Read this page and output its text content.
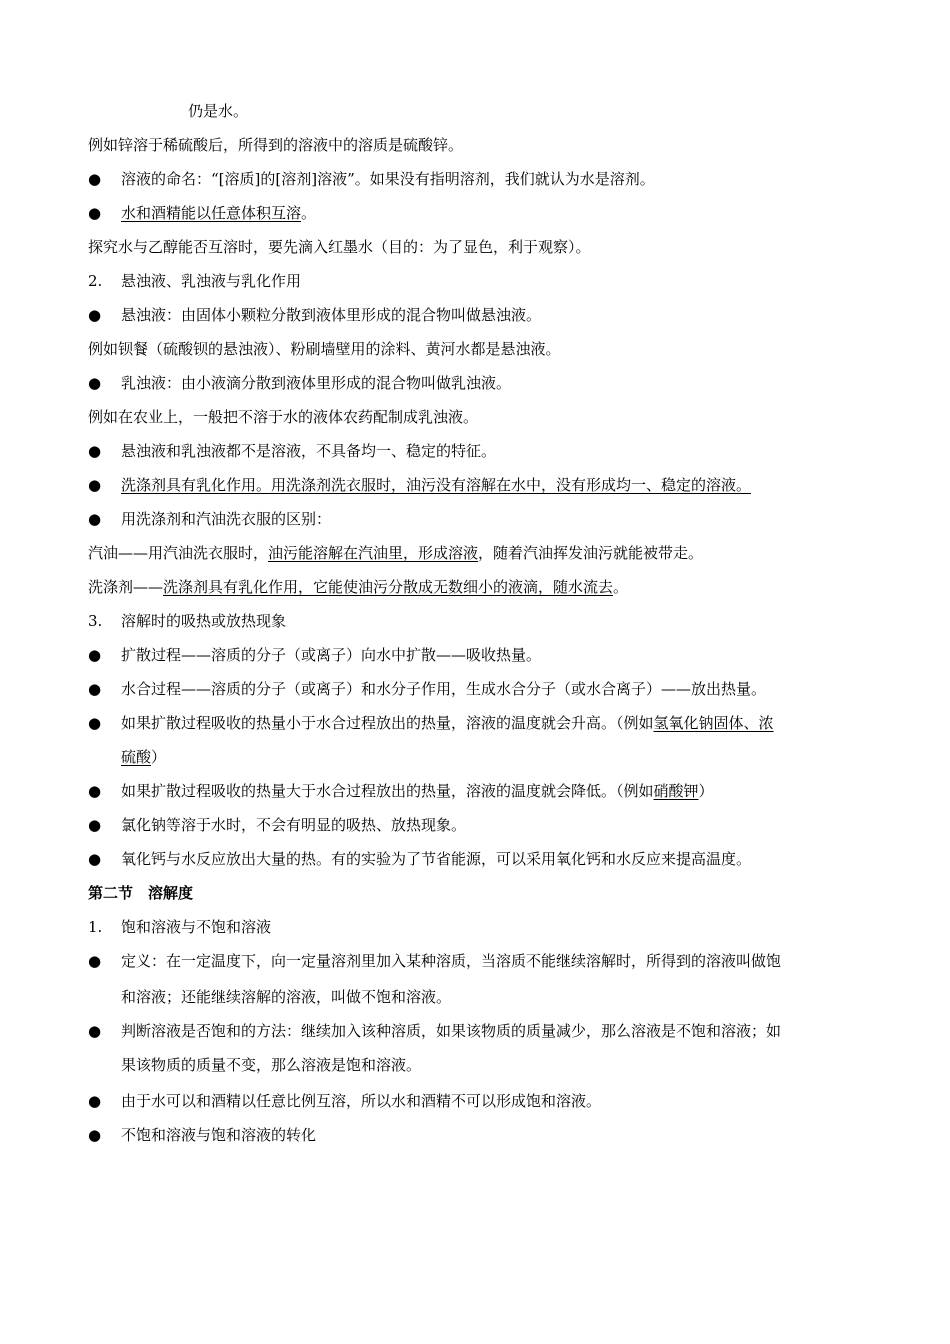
仍是水。
例如锌溶于稀硫酸后，所得到的溶液中的溶质是硫酸锌。
● 溶液的命名：“[溶质]的[溶剂]溶液”。如果没有指明溶剂，我们就认为水是溶剂。
● 水和酒精能以任意体积互溶。
探究水与乙醇能否互溶时，要先滴入红墨水（目的：为了显色，利于观察）。
2. 悬浊液、乳浊液与乳化作用
● 悬浊液：由固体小颗粒分散到液体里形成的混合物叫做悬浊液。
例如钡餐（硫酸钡的悬浊液）、粉刷墙壁用的涂料、黄河水都是悬浊液。
● 乳浊液：由小液滴分散到液体里形成的混合物叫做乳浊液。
例如在农业上，一般把不溶于水的液体农药配制成乳浊液。
● 悬浊液和乳浊液都不是溶液，不具备均一、稳定的特征。
● 洗涤剂具有乳化作用。用洗涤剂洗衣服时，油污没有溶解在水中，没有形成均一、稳定的溶液。
● 用洗涤剂和汽油洗衣服的区别：
汽油——用汽油洗衣服时，油污能溶解在汽油里，形成溶液，随着汽油挥发油污就能被带走。
洗涤剂——洗涤剂具有乳化作用，它能使油污分散成无数细小的液滴，随水流去。
3. 溶解时的吸热或放热现象
● 扩散过程——溶质的分子（或离子）向水中扩散——吸收热量。
● 水合过程——溶质的分子（或离子）和水分子作用，生成水合分子（或水合离子）——放出热量。
● 如果扩散过程吸收的热量小于水合过程放出的热量，溶液的温度就会升高。（例如氢氧化钠固体、浓
硫酸）
● 如果扩散过程吸收的热量大于水合过程放出的热量，溶液的温度就会降低。（例如硝酸钾）
● 氯化钠等溶于水时，不会有明显的吸热、放热现象。
● 氧化钙与水反应放出大量的热。有的实验为了节省能源，可以采用氧化钙和水反应来提高温度。
第二节　溶解度
1. 饱和溶液与不饱和溶液
● 定义：在一定温度下，向一定量溶剂里加入某种溶质，当溶质不能继续溶解时，所得到的溶液叫做饱
和溶液；还能继续溶解的溶液，叫做不饱和溶液。
● 判断溶液是否饱和的方法：继续加入该种溶质，如果该物质的质量减少，那么溶液是不饱和溶液；如
果该物质的质量不变，那么溶液是饱和溶液。
● 由于水可以和酒精以任意比例互溶，所以水和酒精不可以形成饱和溶液。
● 不饱和溶液与饱和溶液的转化
